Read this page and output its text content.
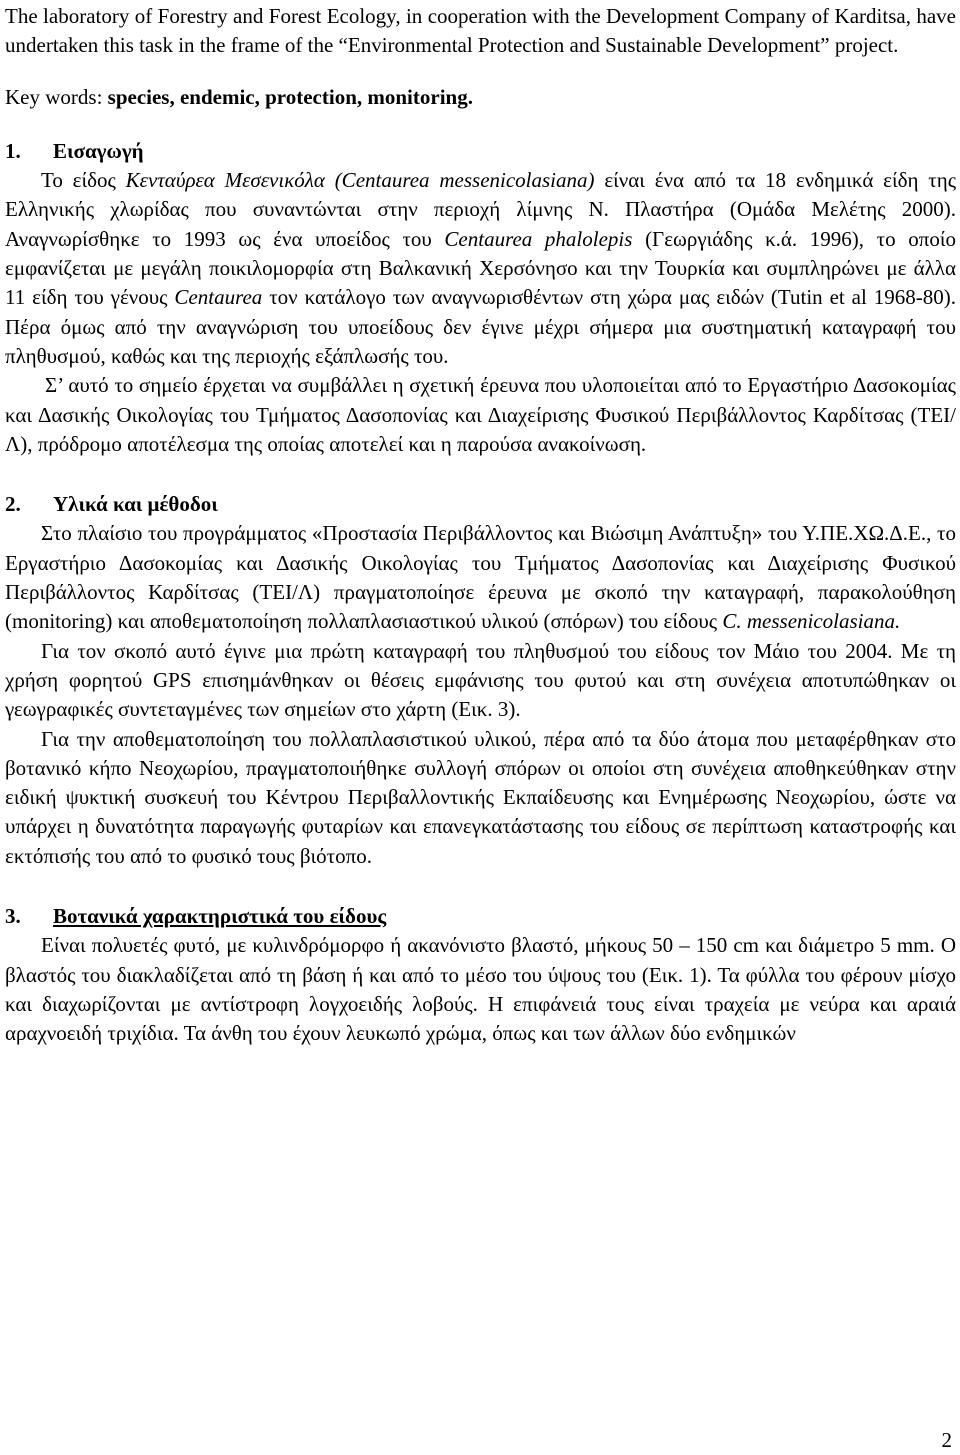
The laboratory of Forestry and Forest Ecology, in cooperation with the Development Company of Karditsa, have undertaken this task in the frame of the “Environmental Protection and Sustainable Development” project.

Key words: species, endemic, protection, monitoring.

1.	Εισαγωγή

Το είδος Κενταύρεα Μεσενικόλα (Centaurea messenicolasiana) είναι ένα από τα 18 ενδημικά είδη της Ελληνικής χλωρίδας που συναντώνται στην περιοχή λίμνης Ν. Πλαστήρα (Ομάδα Μελέτης 2000). Αναγνωρίσθηκε το 1993 ως ένα υποείδος του Centaurea phalolepis (Γεωργιάδης κ.ά. 1996), το οποίο εμφανίζεται με μεγάλη ποικιλομορφία στη Βαλκανική Χερσόνησο και την Τουρκία και συμπληρώνει με άλλα 11 είδη του γένους Centaurea τον κατάλογο των αναγνωρισθέντων στη χώρα μας ειδών (Tutin et al 1968-80). Πέρα όμως από την αναγνώριση του υποείδους δεν έγινε μέχρι σήμερα μια συστηματική καταγραφή του πληθυσμού, καθώς και της περιοχής εξάπλωσής του.

Σ’ αυτό το σημείο έρχεται να συμβάλλει η σχετική έρευνα που υλοποιείται από το Εργαστήριο Δασοκομίας και Δασικής Οικολογίας του Τμήματος Δασοπονίας και Διαχείρισης Φυσικού Περιβάλλοντος Καρδίτσας (ΤΕΙ/Λ), πρόδρομο αποτέλεσμα της οποίας αποτελεί και η παρούσα ανακοίνωση.

2.	Υλικά και μέθοδοι

Στο πλαίσιο του προγράμματος «Προστασία Περιβάλλοντος και Βιώσιμη Ανάπτυξη» του Υ.ΠΕ.ΧΩ.Δ.Ε., το Εργαστήριο Δασοκομίας και Δασικής Οικολογίας του Τμήματος Δασοπονίας και Διαχείρισης Φυσικού Περιβάλλοντος Καρδίτσας (ΤΕΙ/Λ) πραγματοποίησε έρευνα με σκοπό την καταγραφή, παρακολούθηση (monitoring) και αποθεματοποίηση πολλαπλασιαστικού υλικού (σπόρων) του είδους C. messenicolasiana.

Για τον σκοπό αυτό έγινε μια πρώτη καταγραφή του πληθυσμού του είδους τον Μάιο του 2004. Με τη χρήση φορητού GPS επισημάνθηκαν οι θέσεις εμφάνισης του φυτού και στη συνέχεια αποτυπώθηκαν οι γεωγραφικές συντεταγμένες των σημείων στο χάρτη (Εικ. 3).

Για την αποθεματοποίηση του πολλαπλασιστικού υλικού, πέρα από τα δύο άτομα που μεταφέρθηκαν στο βοτανικό κήπο Νεοχωρίου, πραγματοποιήθηκε συλλογή σπόρων οι οποίοι στη συνέχεια αποθηκεύθηκαν στην ειδική ψυκτική συσκευή του Κέντρου Περιβαλλοντικής Εκπαίδευσης και Ενημέρωσης Νεοχωρίου, ώστε να υπάρχει η δυνατότητα παραγωγής φυταρίων και επανεγκατάστασης του είδους σε περίπτωση καταστροφής και εκτόπισής του από το φυσικό τους βιότοπο.

3.	Βοτανικά χαρακτηριστικά του είδους

Είναι πολυετές φυτό, με κυλινδρόμορφο ή ακανόνιστο βλαστό, μήκους 50 – 150 cm και διάμετρο 5 mm. Ο βλαστός του διακλαδίζεται από τη βάση ή και από το μέσο του ύψους του (Εικ. 1). Τα φύλλα του φέρουν μίσχο και διαχωρίζονται με αντίστροφη λογχοειδής λοβούς. Η επιφάνειά τους είναι τραχεία με νεύρα και αραιά αραχνοειδή τριχίδια. Τα άνθη του έχουν λευκωπό χρώμα, όπως και των άλλων δύο ενδημικών

2
